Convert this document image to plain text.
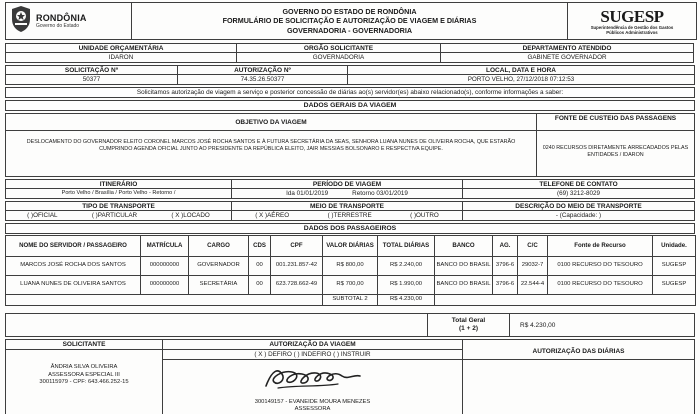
RONDÔNIA
Governo do Estado
GOVERNO DO ESTADO DE RONDÔNIA
FORMULÁRIO DE SOLICITAÇÃO E AUTORIZAÇÃO DE VIAGEM E DIÁRIAS
GOVERNADORIA - GOVERNADORIA
SUGESP
Superintendência de Gestão dos Gastos Públicos Administrativos
UNIDADE ORÇAMENTÁRIA
IDARON
ORGÃO SOLICITANTE
GOVERNADORIA
DEPARTAMENTO ATENDIDO
GABINETE GOVERNADOR
SOLICITAÇÃO Nº
50377
AUTORIZAÇÃO Nº
74.35.26.50377
LOCAL, DATA E HORA
PORTO VELHO, 27/12/2018 07:12:53
Solicitamos autorização de viagem a serviço e posterior concessão de diárias ao(s) servidor(es) abaixo relacionado(s), conforme informações a saber:
DADOS GERAIS DA VIAGEM
OBJETIVO DA VIAGEM
DESLOCAMENTO DO GOVERNADOR ELEITO CORONEL MARCOS JOSÉ ROCHA SANTOS E À FUTURA SECRETÁRIA DA SEAS, SENHORA LUANA NUNES DE OLIVEIRA ROCHA, QUE ESTARÃO CUMPRINDO AGENDA OFICIAL JUNTO AO PRESIDENTE DA REPÚBLICA ELEITO, JAIR MESSIAS BOLSONARO E RESPECTIVA EQUIPE.
FONTE DE CUSTEIO DAS PASSAGENS
0240 RECURSOS DIRETAMENTE ARRECADADOS PELAS ENTIDADES / IDARON
ITINERÁRIO
Porto Velho / Brasília / Porto Velho - Retorno /
PERÍODO DE VIAGEM
Ida 01/01/2019	Retorno 03/01/2019
TELEFONE DE CONTATO
(69) 3212-8029
TIPO DE TRANSPORTE
( )OFICIAL	( )PARTICULAR	( X )LOCADO
MEIO DE TRANSPORTE
( X )AÉREO	( )TERRESTRE	( )OUTRO
DESCRIÇÃO DO MEIO DE TRANSPORTE
- (Capacidade: )
DADOS DOS PASSAGEIROS
NOME DO SERVIDOR / PASSAGEIRO	MATRÍCULA	CARGO	CDS	CPF	VALOR DIÁRIAS	TOTAL DIÁRIAS	BANCO	AG.	C/C	Fonte de Recurso	Unidade.
MARCOS JOSÉ ROCHA DOS SANTOS	000000000	GOVERNADOR	00	001.231.857-42	R$ 800,00	R$ 2.240,00	BANCO DO BRASIL	3796-6	29032-7	0100 RECURSO DO TESOURO	SUGESP
LUANA NUNES DE OLIVEIRA SANTOS	000000000	SECRETÁRIA	00	623.728.662-49	R$ 700,00	R$ 1.990,00	BANCO DO BRASIL	3796-6	22.544-4	0100 RECURSO DO TESOURO	SUGESP
					SUBTOTAL 2	R$ 4.230,00					
Total Geral
(1 + 2)	R$ 4.230,00
SOLICITANTE
ÂNDRIA SILVA OLIVEIRA
ASSESSORA ESPECIAL III
300115979 - CPF: 643.466.252-15
AUTORIZAÇÃO DA VIAGEM
( X ) DEFIRO ( ) INDEFIRO ( ) INSTRUIR
300149157 - EVANEIDE MOURA MENEZES
ASSESSORA
AUTORIZAÇÃO DAS DIÁRIAS
